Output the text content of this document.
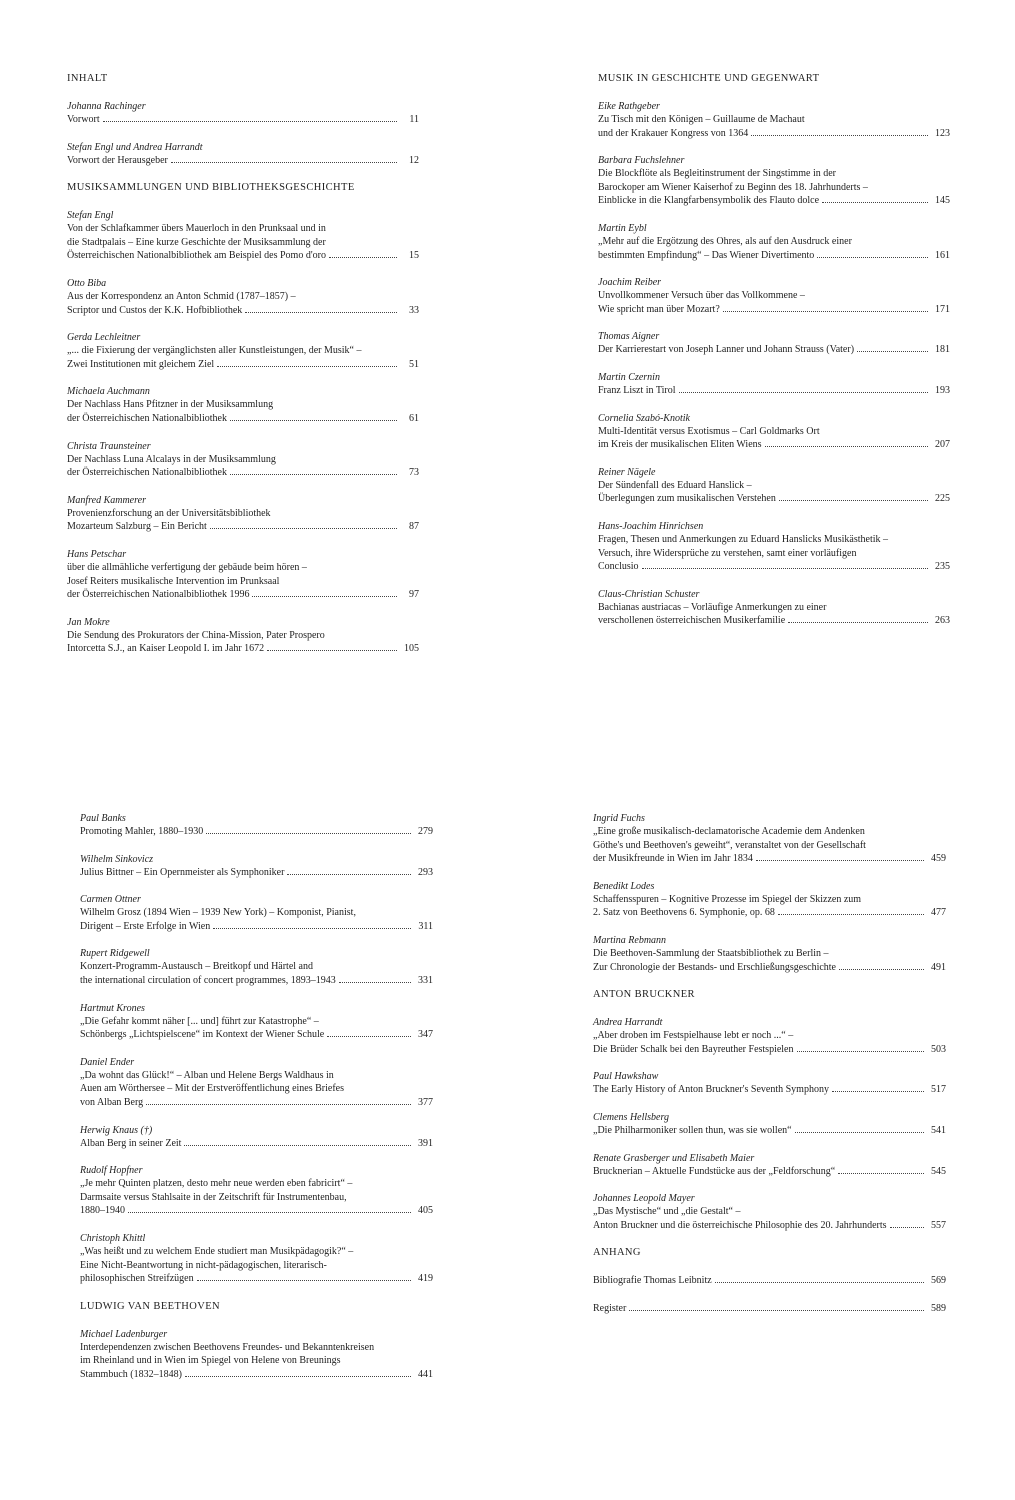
INHALT
Johanna Rachinger
Vorwort	11
Stefan Engl und Andrea Harrandt
Vorwort der Herausgeber	12
MUSIKSAMMLUNGEN UND BIBLIOTHEKSGESCHICHTE
Stefan Engl
Von der Schlafkammer übers Mauerloch in den Prunksaal und in
die Stadtpalais – Eine kurze Geschichte der Musiksammlung der
Österreichischen Nationalbibliothek am Beispiel des Pomo d'oro	15
Otto Biba
Aus der Korrespondenz an Anton Schmid (1787–1857) –
Scriptor und Custos der K.K. Hofbibliothek	33
Gerda Lechleitner
„... die Fixierung der vergänglichsten aller Kunstleistungen, der Musik“ –
Zwei Institutionen mit gleichem Ziel	51
Michaela Auchmann
Der Nachlass Hans Pfitzner in der Musiksammlung
der Österreichischen Nationalbibliothek	61
Christa Traunsteiner
Der Nachlass Luna Alcalays in der Musiksammlung
der Österreichischen Nationalbibliothek	73
Manfred Kammerer
Provenienzforschung an der Universitätsbibliothek
Mozarteum Salzburg – Ein Bericht	87
Hans Petschar
über die allmähliche verfertigung der gebäude beim hören –
Josef Reiters musikalische Intervention im Prunksaal
der Österreichischen Nationalbibliothek 1996	97
Jan Mokre
Die Sendung des Prokurators der China-Mission, Pater Prospero
Intorcetta S.J., an Kaiser Leopold I. im Jahr 1672	105
MUSIK IN GESCHICHTE UND GEGENWART
Eike Rathgeber
Zu Tisch mit den Königen – Guillaume de Machaut
und der Krakauer Kongress von 1364	123
Barbara Fuchslehner
Die Blockflöte als Begleitinstrument der Singstimme in der
Barockoper am Wiener Kaiserhof zu Beginn des 18. Jahrhunderts –
Einblicke in die Klangfarbensymbolik des Flauto dolce	145
Martin Eybl
„Mehr auf die Ergötzung des Ohres, als auf den Ausdruck einer
bestimmten Empfindung“ – Das Wiener Divertimento	161
Joachim Reiber
Unvollkommener Versuch über das Vollkommene –
Wie spricht man über Mozart?	171
Thomas Aigner
Der Karrierestart von Joseph Lanner und Johann Strauss (Vater)	181
Martin Czernin
Franz Liszt in Tirol	193
Cornelia Szabó-Knotik
Multi-Identität versus Exotismus – Carl Goldmarks Ort
im Kreis der musikalischen Eliten Wiens	207
Reiner Nägele
Der Sündenfall des Eduard Hanslick –
Überlegungen zum musikalischen Verstehen	225
Hans-Joachim Hinrichsen
Fragen, Thesen und Anmerkungen zu Eduard Hanslicks Musikästhetik –
Versuch, ihre Widersprüche zu verstehen, samt einer vorläufigen
Conclusio	235
Claus-Christian Schuster
Bachianas austriacas – Vorläufige Anmerkungen zu einer
verschollenen österreichischen Musikerfamilie	263
Paul Banks
Promoting Mahler, 1880–1930	279
Wilhelm Sinkovicz
Julius Bittner – Ein Opernmeister als Symphoniker	293
Carmen Ottner
Wilhelm Grosz (1894 Wien – 1939 New York) – Komponist, Pianist,
Dirigent – Erste Erfolge in Wien	311
Rupert Ridgewell
Konzert-Programm-Austausch – Breitkopf und Härtel and
the international circulation of concert programmes, 1893–1943	331
Hartmut Krones
„Die Gefahr kommt näher [... und] führt zur Katastrophe“ –
Schönbergs „Lichtspielscene“ im Kontext der Wiener Schule	347
Daniel Ender
„Da wohnt das Glück!“ – Alban und Helene Bergs Waldhaus in
Auen am Wörthersee – Mit der Erstveröffentlichung eines Briefes
von Alban Berg	377
Herwig Knaus (†)
Alban Berg in seiner Zeit	391
Rudolf Hopfner
„Je mehr Quinten platzen, desto mehr neue werden eben fabricirt“ –
Darmsaite versus Stahlsaite in der Zeitschrift für Instrumentenbau,
1880–1940	405
Christoph Khittl
„Was heißt und zu welchem Ende studiert man Musikpädagogik?“ –
Eine Nicht-Beantwortung in nicht-pädagogischen, literarisch-
philosophischen Streifzügen	419
LUDWIG VAN BEETHOVEN
Michael Ladenburger
Interdependenzen zwischen Beethovens Freundes- und Bekanntenkreisen
im Rheinland und in Wien im Spiegel von Helene von Breunings
Stammbuch (1832–1848)	441
Ingrid Fuchs
„Eine große musikalisch-declamatorische Academie dem Andenken
Göthe's und Beethoven's geweiht“, veranstaltet von der Gesellschaft
der Musikfreunde in Wien im Jahr 1834	459
Benedikt Lodes
Schaffensspuren – Kognitive Prozesse im Spiegel der Skizzen zum
2. Satz von Beethovens 6. Symphonie, op. 68	477
Martina Rebmann
Die Beethoven-Sammlung der Staatsbibliothek zu Berlin –
Zur Chronologie der Bestands- und Erschließungsgeschichte	491
ANTON BRUCKNER
Andrea Harrandt
„Aber droben im Festspielhause lebt er noch ...“ –
Die Brüder Schalk bei den Bayreuther Festspielen	503
Paul Hawkshaw
The Early History of Anton Bruckner's Seventh Symphony	517
Clemens Hellsberg
„Die Philharmoniker sollen thun, was sie wollen“	541
Renate Grasberger und Elisabeth Maier
Brucknerian – Aktuelle Fundstücke aus der „Feldforschung“	545
Johannes Leopold Mayer
„Das Mystische“ und „die Gestalt“ –
Anton Bruckner und die österreichische Philosophie des 20. Jahrhunderts	557
ANHANG
Bibliografie Thomas Leibnitz	569
Register	589
